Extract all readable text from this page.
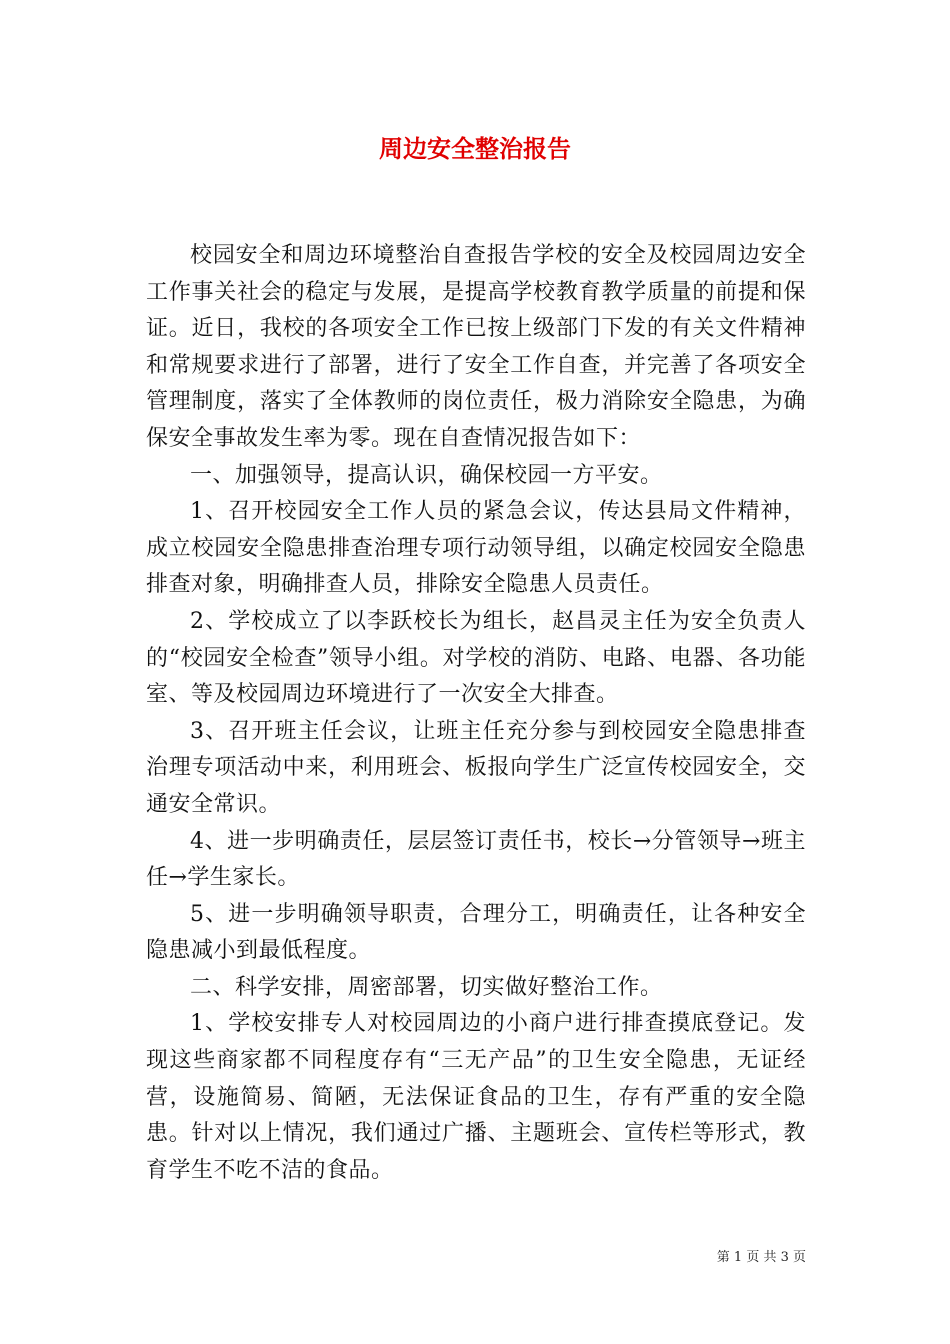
周边安全整治报告

校园安全和周边环境整治自查报告学校的安全及校园周边安全工作事关社会的稳定与发展，是提高学校教育教学质量的前提和保证。近日，我校的各项安全工作已按上级部门下发的有关文件精神和常规要求进行了部署，进行了安全工作自查，并完善了各项安全管理制度，落实了全体教师的岗位责任，极力消除安全隐患，为确保安全事故发生率为零。现在自查情况报告如下：

一、加强领导，提高认识，确保校园一方平安。

1、召开校园安全工作人员的紧急会议，传达县局文件精神，成立校园安全隐患排查治理专项行动领导组，以确定校园安全隐患排查对象，明确排查人员，排除安全隐患人员责任。

2、学校成立了以李跃校长为组长，赵昌灵主任为安全负责人的“校园安全检查”领导小组。对学校的消防、电路、电器、各功能室、等及校园周边环境进行了一次安全大排查。

3、召开班主任会议，让班主任充分参与到校园安全隐患排查治理专项活动中来，利用班会、板报向学生广泛宣传校园安全，交通安全常识。

4、进一步明确责任，层层签订责任书，校长→分管领导→班主任→学生家长。

5、进一步明确领导职责，合理分工，明确责任，让各种安全隐患减小到最低程度。

二、科学安排，周密部署，切实做好整治工作。

1、学校安排专人对校园周边的小商户进行排查摸底登记。发现这些商家都不同程度存有“三无产品”的卫生安全隐患，无证经营，设施简易、简陋，无法保证食品的卫生，存有严重的安全隐患。针对以上情况，我们通过广播、主题班会、宣传栏等形式，教育学生不吃不洁的食品。

第 1 页 共 3 页
